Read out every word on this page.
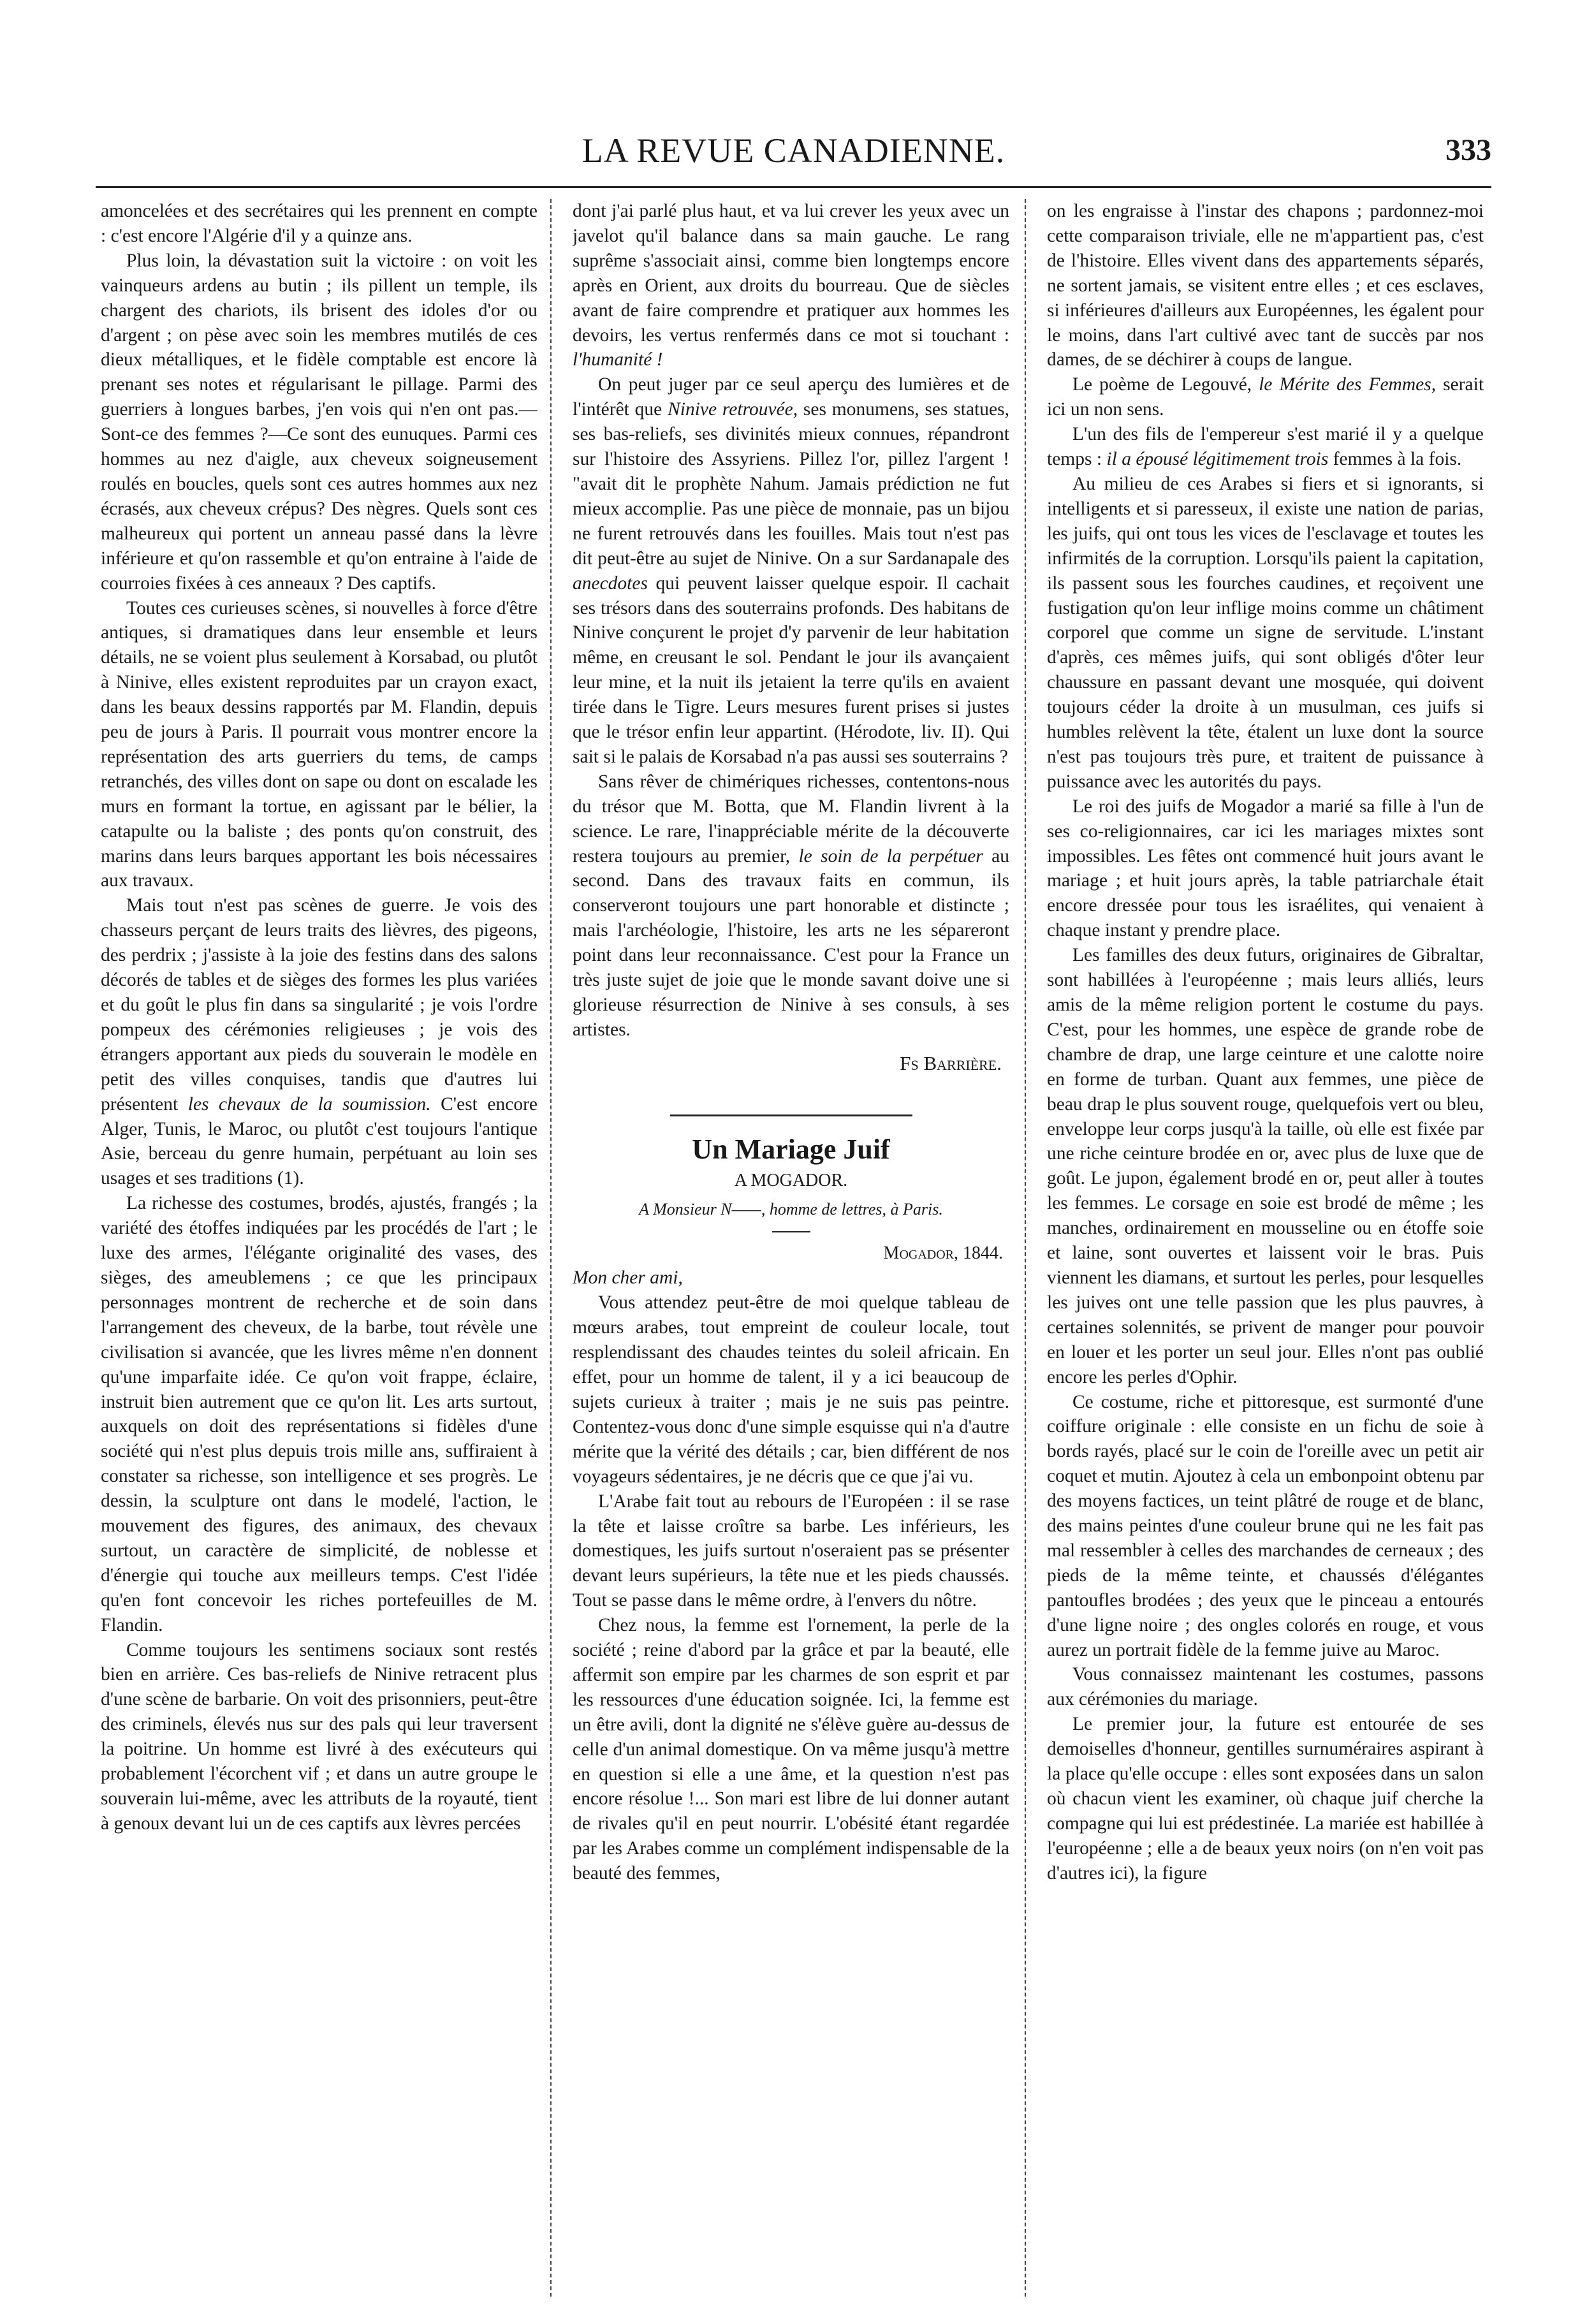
LA REVUE CANADIENNE.	333

amoncelées et des secrétaires qui les prennent en compte : c'est encore l'Algérie d'il y a quinze ans.

Plus loin, la dévastation suit la victoire : on voit les vainqueurs ardens au butin ; ils pillent un temple, ils chargent des chariots, ils brisent des idoles d'or ou d'argent ; on pèse avec soin les membres mutilés de ces dieux métalliques, et le fidèle comptable est encore là prenant ses notes et régularisant le pillage. Parmi des guerriers à longues barbes, j'en vois qui n'en ont pas.—Sont-ce des femmes ?—Ce sont des eunuques. Parmi ces hommes au nez d'aigle, aux cheveux soigneusement roulés en boucles, quels sont ces autres hommes aux nez écrasés, aux cheveux crépus? Des nègres. Quels sont ces malheureux qui portent un anneau passé dans la lèvre inférieure et qu'on rassemble et qu'on entraine à l'aide de courroies fixées à ces anneaux ? Des captifs.

Toutes ces curieuses scènes, si nouvelles à force d'être antiques, si dramatiques dans leur ensemble et leurs détails, ne se voient plus seulement à Korsabad, ou plutôt à Ninive, elles existent reproduites par un crayon exact, dans les beaux dessins rapportés par M. Flandin, depuis peu de jours à Paris. Il pourrait vous montrer encore la représentation des arts guerriers du tems, de camps retranchés, des villes dont on sape ou dont on escalade les murs en formant la tortue, en agissant par le bélier, la catapulte ou la baliste ; des ponts qu'on construit, des marins dans leurs barques apportant les bois nécessaires aux travaux.

Mais tout n'est pas scènes de guerre. Je vois des chasseurs perçant de leurs traits des lièvres, des pigeons, des perdrix ; j'assiste à la joie des festins dans des salons décorés de tables et de sièges des formes les plus variées et du goût le plus fin dans sa singularité ; je vois l'ordre pompeux des cérémonies religieuses ; je vois des étrangers apportant aux pieds du souverain le modèle en petit des villes conquises, tandis que d'autres lui présentent les chevaux de la soumission. C'est encore Alger, Tunis, le Maroc, ou plutôt c'est toujours l'antique Asie, berceau du genre humain, perpétuant au loin ses usages et ses traditions (1).

La richesse des costumes, brodés, ajustés, frangés ; la variété des étoffes indiquées par les procédés de l'art ; le luxe des armes, l'élégante originalité des vases, des sièges, des ameublemens ; ce que les principaux personnages montrent de recherche et de soin dans l'arrangement des cheveux, de la barbe, tout révèle une civilisation si avancée, que les livres même n'en donnent qu'une imparfaite idée. Ce qu'on voit frappe, éclaire, instruit bien autrement que ce qu'on lit. Les arts surtout, auxquels on doit des représentations si fidèles d'une société qui n'est plus depuis trois mille ans, suffiraient à constater sa richesse, son intelligence et ses progrès. Le dessin, la sculpture ont dans le modelé, l'action, le mouvement des figures, des animaux, des chevaux surtout, un caractère de simplicité, de noblesse et d'énergie qui touche aux meilleurs temps. C'est l'idée qu'en font concevoir les riches portefeuilles de M. Flandin.

Comme toujours les sentimens sociaux sont restés bien en arrière. Ces bas-reliefs de Ninive retracent plus d'une scène de barbarie. On voit des prisonniers, peut-être des criminels, élevés nus sur des pals qui leur traversent la poitrine. Un homme est livré à des exécuteurs qui probablement l'écorchent vif ; et dans un autre groupe le souverain lui-même, avec les attributs de la royauté, tient à genoux devant lui un de ces captifs aux lèvres percées

dont j'ai parlé plus haut, et va lui crever les yeux avec un javelot qu'il balance dans sa main gauche. Le rang suprême s'associait ainsi, comme bien longtemps encore après en Orient, aux droits du bourreau. Que de siècles avant de faire comprendre et pratiquer aux hommes les devoirs, les vertus renfermés dans ce mot si touchant : l'humanité !

On peut juger par ce seul aperçu des lumières et de l'intérêt que Ninive retrouvée, ses monumens, ses statues, ses bas-reliefs, ses divinités mieux connues, répandront sur l'histoire des Assyriens. Pillez l'or, pillez l'argent ! "avait dit le prophète Nahum. Jamais prédiction ne fut mieux accomplie. Pas une pièce de monnaie, pas un bijou ne furent retrouvés dans les fouilles. Mais tout n'est pas dit peut-être au sujet de Ninive. On a sur Sardanapale des anecdotes qui peuvent laisser quelque espoir. Il cachait ses trésors dans des souterrains profonds. Des habitans de Ninive conçurent le projet d'y parvenir de leur habitation même, en creusant le sol. Pendant le jour ils avançaient leur mine, et la nuit ils jetaient la terre qu'ils en avaient tirée dans le Tigre. Leurs mesures furent prises si justes que le trésor enfin leur appartint. (Hérodote, liv. II). Qui sait si le palais de Korsabad n'a pas aussi ses souterrains ?

Sans rêver de chimériques richesses, contentons-nous du trésor que M. Botta, que M. Flandin livrent à la science. Le rare, l'inappréciable mérite de la découverte restera toujours au premier, le soin de la perpétuer au second. Dans des travaux faits en commun, ils conserveront toujours une part honorable et distincte ; mais l'archéologie, l'histoire, les arts ne les sépareront point dans leur reconnaissance. C'est pour la France un très juste sujet de joie que le monde savant doive une si glorieuse résurrection de Ninive à ses consuls, à ses artistes.

Fs Barrière.
Un Mariage Juif
A MOGADOR.
A Monsieur N——, homme de lettres, à Paris.
Mogador, 1844.

Mon cher ami,

Vous attendez peut-être de moi quelque tableau de mœurs arabes, tout empreint de couleur locale, tout resplendissant des chaudes teintes du soleil africain. En effet, pour un homme de talent, il y a ici beaucoup de sujets curieux à traiter ; mais je ne suis pas peintre. Contentez-vous donc d'une simple esquisse qui n'a d'autre mérite que la vérité des détails ; car, bien différent de nos voyageurs sédentaires, je ne décris que ce que j'ai vu.

L'Arabe fait tout au rebours de l'Européen : il se rase la tête et laisse croître sa barbe. Les inférieurs, les domestiques, les juifs surtout n'oseraient pas se présenter devant leurs supérieurs, la tête nue et les pieds chaussés. Tout se passe dans le même ordre, à l'envers du nôtre.

Chez nous, la femme est l'ornement, la perle de la société ; reine d'abord par la grâce et par la beauté, elle affermit son empire par les charmes de son esprit et par les ressources d'une éducation soignée. Ici, la femme est un être avili, dont la dignité ne s'élève guère au-dessus de celle d'un animal domestique. On va même jusqu'à mettre en question si elle a une âme, et la question n'est pas encore résolue !... Son mari est libre de lui donner autant de rivales qu'il en peut nourrir. L'obésité étant regardée par les Arabes comme un complément indispensable de la beauté des femmes,

on les engraisse à l'instar des chapons ; pardonnez-moi cette comparaison triviale, elle ne m'appartient pas, c'est de l'histoire. Elles vivent dans des appartements séparés, ne sortent jamais, se visitent entre elles ; et ces esclaves, si inférieures d'ailleurs aux Européennes, les égalent pour le moins, dans l'art cultivé avec tant de succès par nos dames, de se déchirer à coups de langue.

Le poème de Legouvé, le Mérite des Femmes, serait ici un non sens.

L'un des fils de l'empereur s'est marié il y a quelque temps : il a épousé légitimement trois femmes à la fois.

Au milieu de ces Arabes si fiers et si ignorants, si intelligents et si paresseux, il existe une nation de parias, les juifs, qui ont tous les vices de l'esclavage et toutes les infirmités de la corruption. Lorsqu'ils paient la capitation, ils passent sous les fourches caudines, et reçoivent une fustigation qu'on leur inflige moins comme un châtiment corporel que comme un signe de servitude. L'instant d'après, ces mêmes juifs, qui sont obligés d'ôter leur chaussure en passant devant une mosquée, qui doivent toujours céder la droite à un musulman, ces juifs si humbles relèvent la tête, étalent un luxe dont la source n'est pas toujours très pure, et traitent de puissance à puissance avec les autorités du pays.

Le roi des juifs de Mogador a marié sa fille à l'un de ses co-religionnaires, car ici les mariages mixtes sont impossibles. Les fêtes ont commencé huit jours avant le mariage ; et huit jours après, la table patriarchale était encore dressée pour tous les israélites, qui venaient à chaque instant y prendre place.

Les familles des deux futurs, originaires de Gibraltar, sont habillées à l'européenne ; mais leurs alliés, leurs amis de la même religion portent le costume du pays. C'est, pour les hommes, une espèce de grande robe de chambre de drap, une large ceinture et une calotte noire en forme de turban. Quant aux femmes, une pièce de beau drap le plus souvent rouge, quelquefois vert ou bleu, enveloppe leur corps jusqu'à la taille, où elle est fixée par une riche ceinture brodée en or, avec plus de luxe que de goût. Le jupon, également brodé en or, peut aller à toutes les femmes. Le corsage en soie est brodé de même ; les manches, ordinairement en mousseline ou en étoffe soie et laine, sont ouvertes et laissent voir le bras. Puis viennent les diamans, et surtout les perles, pour lesquelles les juives ont une telle passion que les plus pauvres, à certaines solennités, se privent de manger pour pouvoir en louer et les porter un seul jour. Elles n'ont pas oublié encore les perles d'Ophir.

Ce costume, riche et pittoresque, est surmonté d'une coiffure originale : elle consiste en un fichu de soie à bords rayés, placé sur le coin de l'oreille avec un petit air coquet et mutin. Ajoutez à cela un embonpoint obtenu par des moyens factices, un teint plâtré de rouge et de blanc, des mains peintes d'une couleur brune qui ne les fait pas mal ressembler à celles des marchandes de cerneaux ; des pieds de la même teinte, et chaussés d'élégantes pantoufles brodées ; des yeux que le pinceau a entourés d'une ligne noire ; des ongles colorés en rouge, et vous aurez un portrait fidèle de la femme juive au Maroc.

Vous connaissez maintenant les costumes, passons aux cérémonies du mariage.

Le premier jour, la future est entourée de ses demoiselles d'honneur, gentilles surnuméraires aspirant à la place qu'elle occupe : elles sont exposées dans un salon où chacun vient les examiner, où chaque juif cherche la compagne qui lui est prédestinée. La mariée est habillée à l'européenne ; elle a de beaux yeux noirs (on n'en voit pas d'autres ici), la figure
